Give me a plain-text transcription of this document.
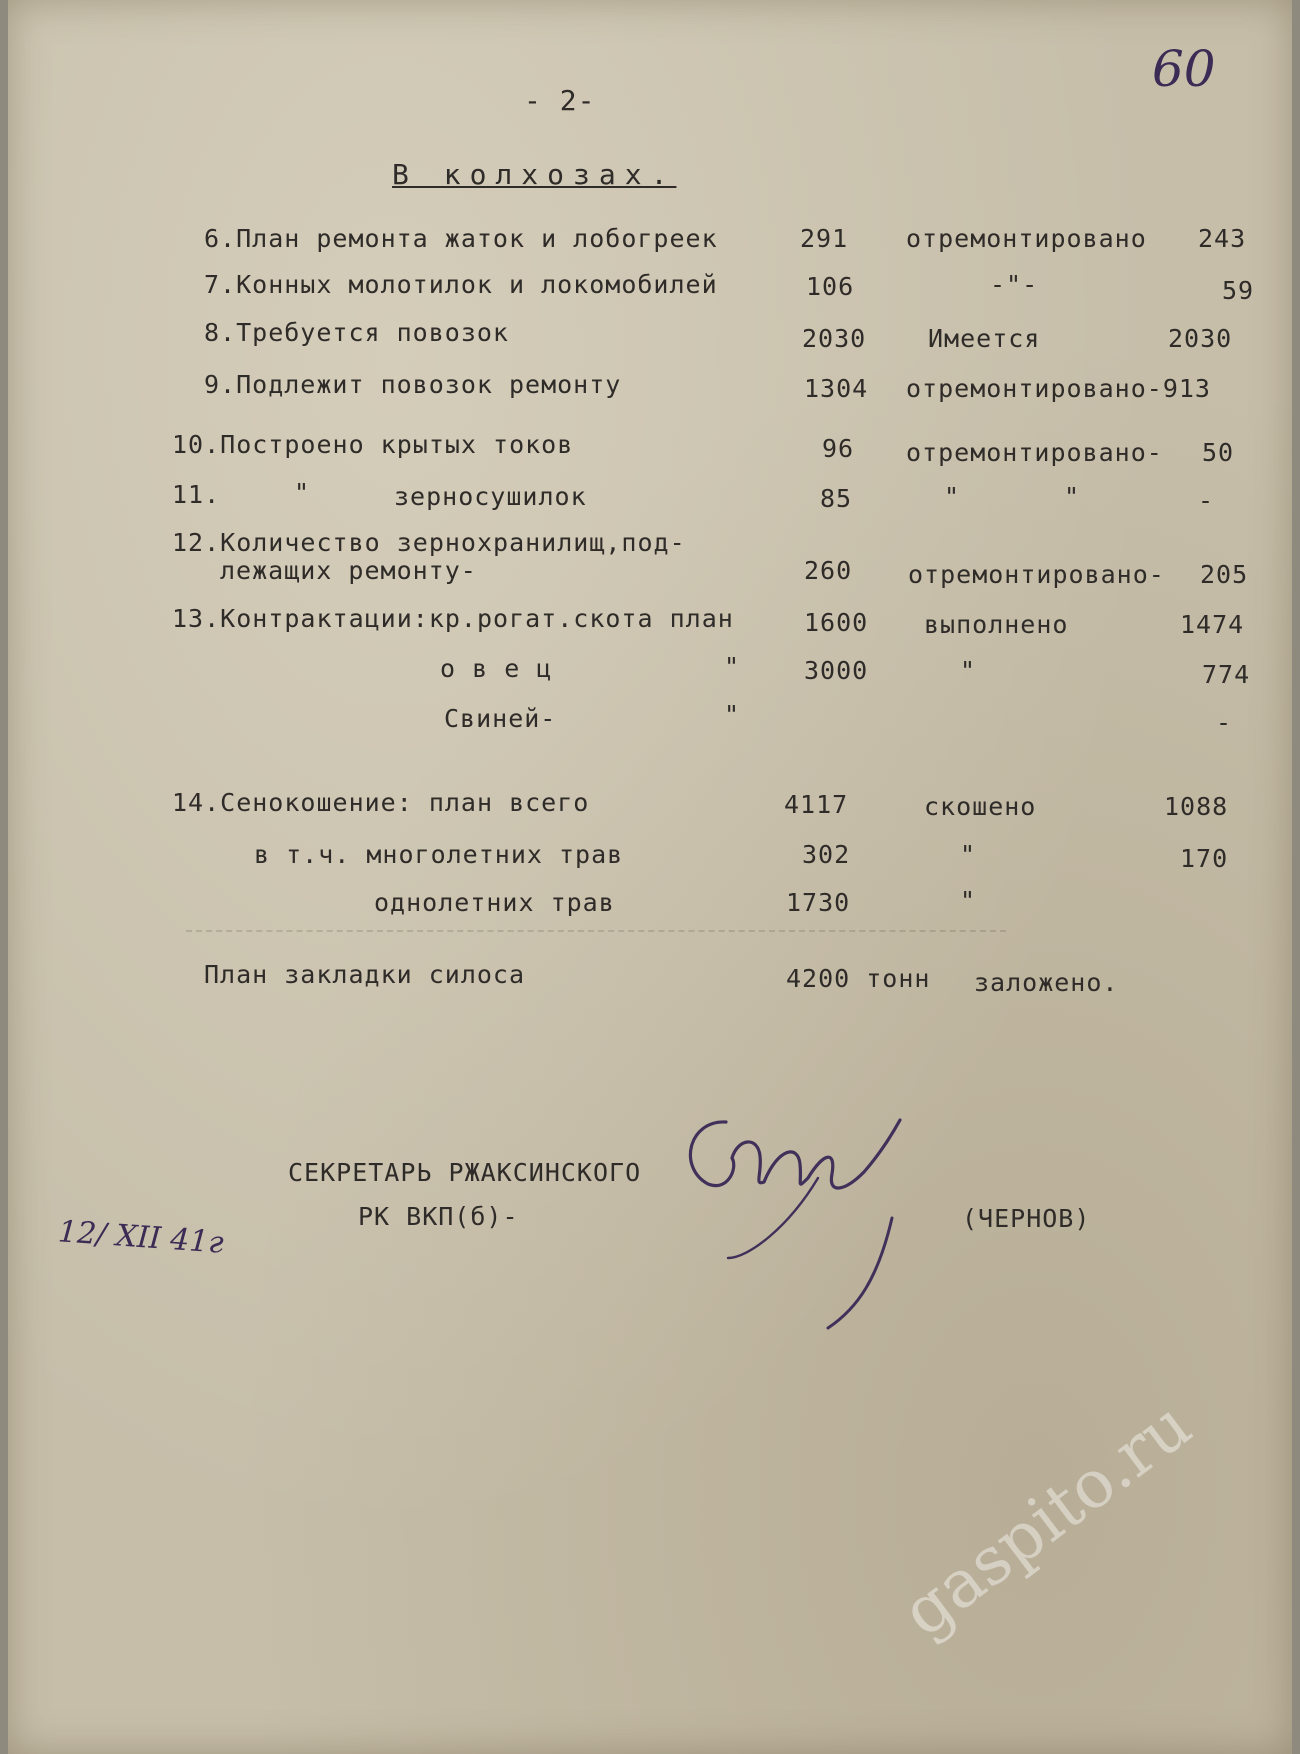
- 2-
60
В колхозах.
6.План ремонта жаток и лобогреек	291 отремонтировано 243
7.Конных молотилок и локомобилей	106	-"-	59
8.Требуется повозок	2030 Имеется	2030
9.Подлежит повозок ремонту	1304 отремонтировано-913
10.Построено крытых токов	96 отремонтировано- 50
11.	"	зерносушилок	85	"	"	-
12.Количество зернохранилищ,под-
лежащих ремонту-	260 отремонтировано- 205
13.Контрактации:кр.рогат.скота план	1600 выполнено	1474
о в е ц	"	3000	"	774
Свиней-	"	-
14.Сенокошение: план всего	4117	скошено	1088
в т.ч. многолетних трав	302	"	170
однолетних трав	1730	"
План закладки силоса	4200 тонн заложено.
СЕКРЕТАРЬ РЖАКСИНСКОГО
РК ВКП(б)-	(ЧЕРНОВ)
12/ XII 41г
gaspito.ru
